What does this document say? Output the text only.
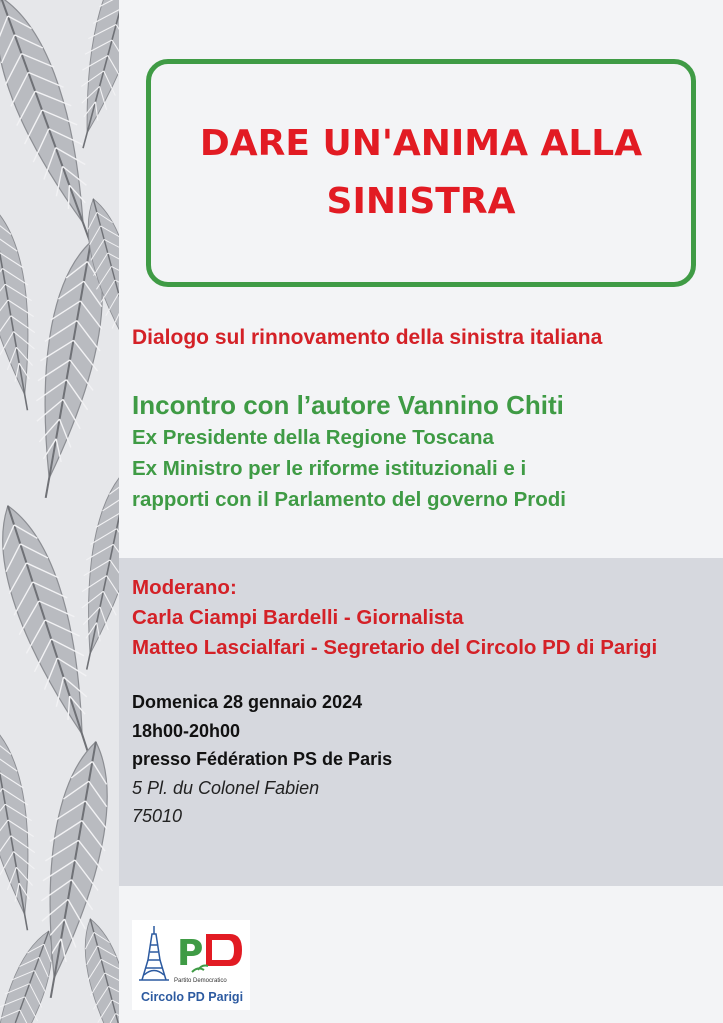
DARE UN'ANIMA ALLA
SINISTRA

Dialogo sul rinnovamento della sinistra italiana

Incontro con l’autore Vannino Chiti

Ex Presidente della Regione Toscana

Ex Ministro per le riforme istituzionali e i

rapporti con il Parlamento del governo Prodi

Moderano:

Carla Ciampi Bardelli - Giornalista

Matteo Lascialfari - Segretario del Circolo PD di Parigi

Domenica 28 gennaio 2024

18h00-20h00

presso Fédération PS de Paris

5 Pl. du Colonel Fabien

75010

P

Partito Democratico

Circolo PD Parigi
